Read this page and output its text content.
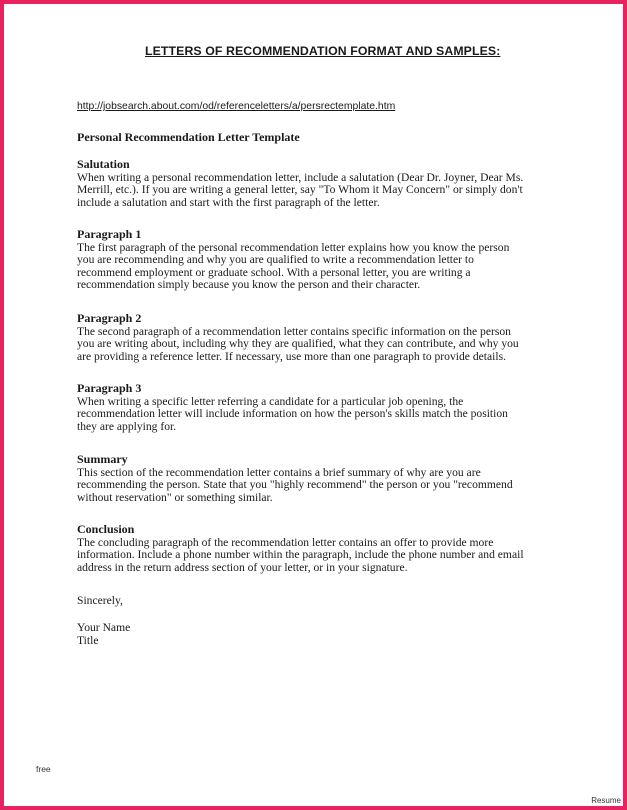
LETTERS OF RECOMMENDATION FORMAT AND SAMPLES:
http://jobsearch.about.com/od/referenceletters/a/persrectemplate.htm
Personal Recommendation Letter Template
Salutation
When writing a personal recommendation letter, include a salutation (Dear Dr. Joyner, Dear Ms.
Merrill, etc.). If you are writing a general letter, say "To Whom it May Concern" or simply don't
include a salutation and start with the first paragraph of the letter.
Paragraph 1
The first paragraph of the personal recommendation letter explains how you know the person
you are recommending and why you are qualified to write a recommendation letter to
recommend employment or graduate school. With a personal letter, you are writing a
recommendation simply because you know the person and their character.
Paragraph 2
The second paragraph of a recommendation letter contains specific information on the person
you are writing about, including why they are qualified, what they can contribute, and why you
are providing a reference letter. If necessary, use more than one paragraph to provide details.
Paragraph 3
When writing a specific letter referring a candidate for a particular job opening, the
recommendation letter will include information on how the person's skills match the position
they are applying for.
Summary
This section of the recommendation letter contains a brief summary of why are you are
recommending the person. State that you "highly recommend" the person or you "recommend
without reservation" or something similar.
Conclusion
The concluding paragraph of the recommendation letter contains an offer to provide more
information. Include a phone number within the paragraph, include the phone number and email
address in the return address section of your letter, or in your signature.
Sincerely,
Your Name
Title
free
Resume
